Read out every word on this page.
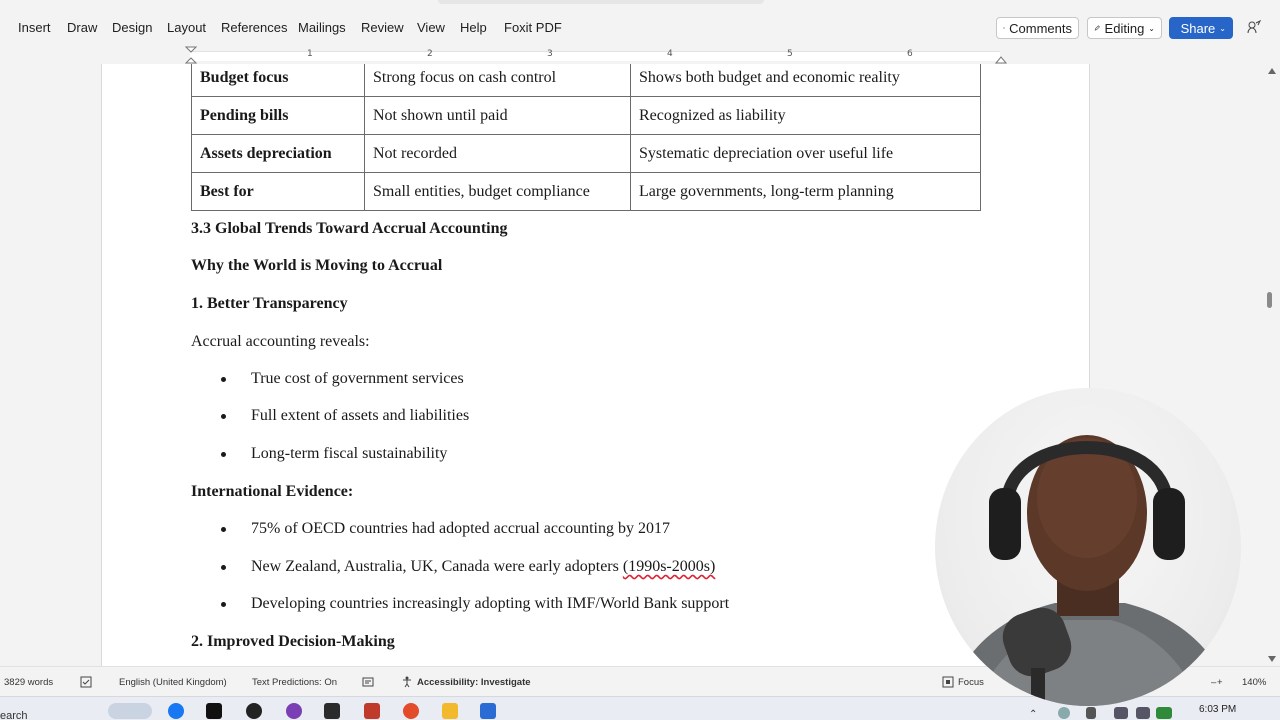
Insert Draw Design Layout References Mailings Review View Help Foxit PDF	Comments	Editing ⌄ Share ⌄
1	2	3	4	5	6
Budget focus	Strong focus on cash control	Shows both budget and economic reality
Pending bills	Not shown until paid	Recognized as liability
Assets depreciation	Not recorded	Systematic depreciation over useful life
Best for	Small entities, budget compliance	Large governments, long-term planning
3.3 Global Trends Toward Accrual Accounting
Why the World is Moving to Accrual
1. Better Transparency
Accrual accounting reveals:
True cost of government services
Full extent of assets and liabilities
Long-term fiscal sustainability
International Evidence:
75% of OECD countries had adopted accrual accounting by 2017
New Zealand, Australia, UK, Canada were early adopters (1990s-2000s)
Developing countries increasingly adopting with IMF/World Bank support
2. Improved Decision-Making
3829 words	English (United Kingdom)	Text Predictions: On	Accessibility: Investigate	Focus	– + 140%
earch	⌃	6:03 PM
